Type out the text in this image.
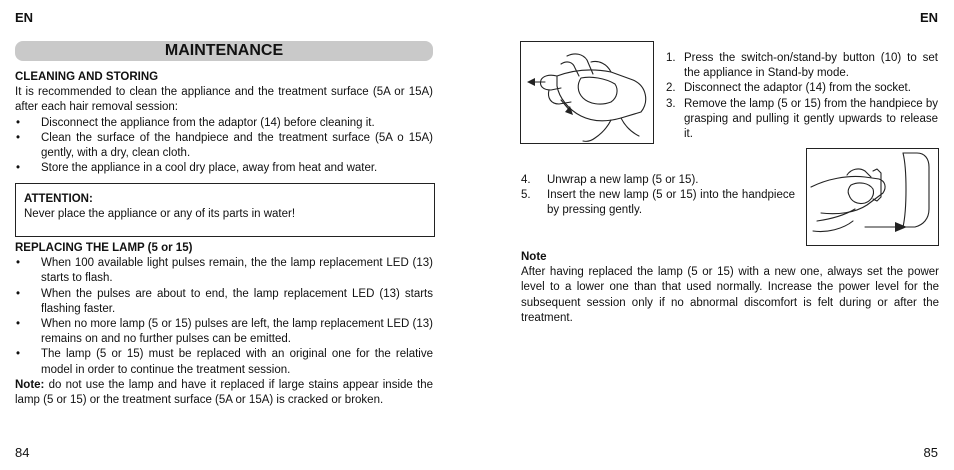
EN
MAINTENANCE

CLEANING AND STORING

It is recommended to clean the appliance and the treatment surface (5A or 15A) after each hair removal session:

• Disconnect the appliance from the adaptor (14) before cleaning it.
• Clean the surface of the handpiece and the treatment surface (5A o 15A) gently, with a dry, clean cloth.
• Store the appliance in a cool dry place, away from heat and water.

ATTENTION:

Never place the appliance or any of its parts in water!

REPLACING THE LAMP (5 or 15)

• When 100 available light pulses remain, the the lamp replacement LED (13) starts to flash.
• When the pulses are about to end, the lamp replacement LED (13) starts flashing faster.
• When no more lamp (5 or 15) pulses are left, the lamp replacement LED (13) remains on and no further pulses can be emitted.
• The lamp (5 or 15) must be replaced with an original one for the relative model in order to continue the treatment session.

Note: do not use the lamp and have it replaced if large stains appear inside the lamp (5 or 15) or the treatment surface (5A or 15A) is cracked or broken.

84
EN
1. Press the switch-on/stand-by button (10) to set the appliance in Stand-by mode.
2. Disconnect the adaptor (14) from the socket.
3. Remove the lamp (5 or 15) from the handpiece by grasping and pulling it gently upwards to release it.
4. Unwrap a new lamp (5 or 15).
5. Insert the new lamp (5 or 15) into the handpiece by pressing gently.

Note

After having replaced the lamp (5 or 15) with a new one, always set the power level to a lower one than that used normally. Increase the power level for the subsequent session only if no abnormal discomfort is felt during or after the treatment.

85
